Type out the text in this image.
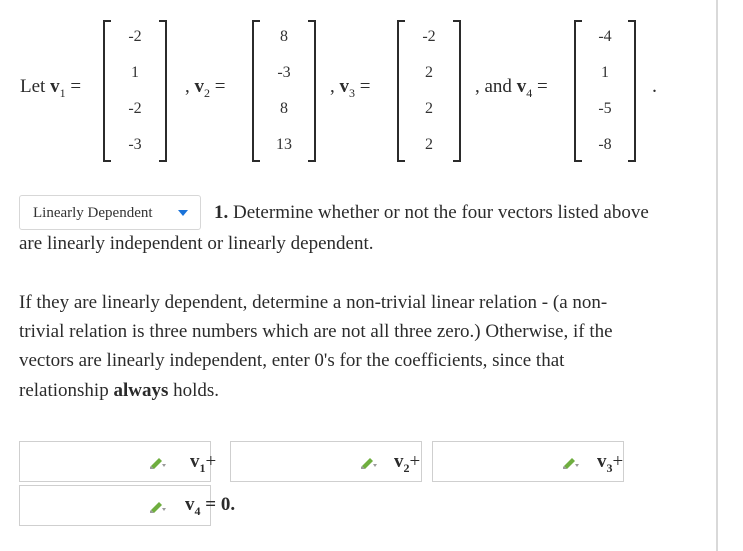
Let $v_1$ =
-2
1
-2
-3
, $v_2$ =
8
-3
8
13
, $v_3$ =
-2
2
2
2
, and $v_4$ =
-4
1
-5
-8
.
Linearly Dependent	1. Determine whether or not the four vectors listed above
are linearly independent or linearly dependent.
If they are linearly dependent, determine a non-trivial linear relation - (a non-
trivial relation is three numbers which are not all three zero.) Otherwise, if the
vectors are linearly independent, enter 0's for the coefficients, since that
relationship always holds.
$v_1+$	$v_2+$	$v_3+$
$v_4 = 0$.
